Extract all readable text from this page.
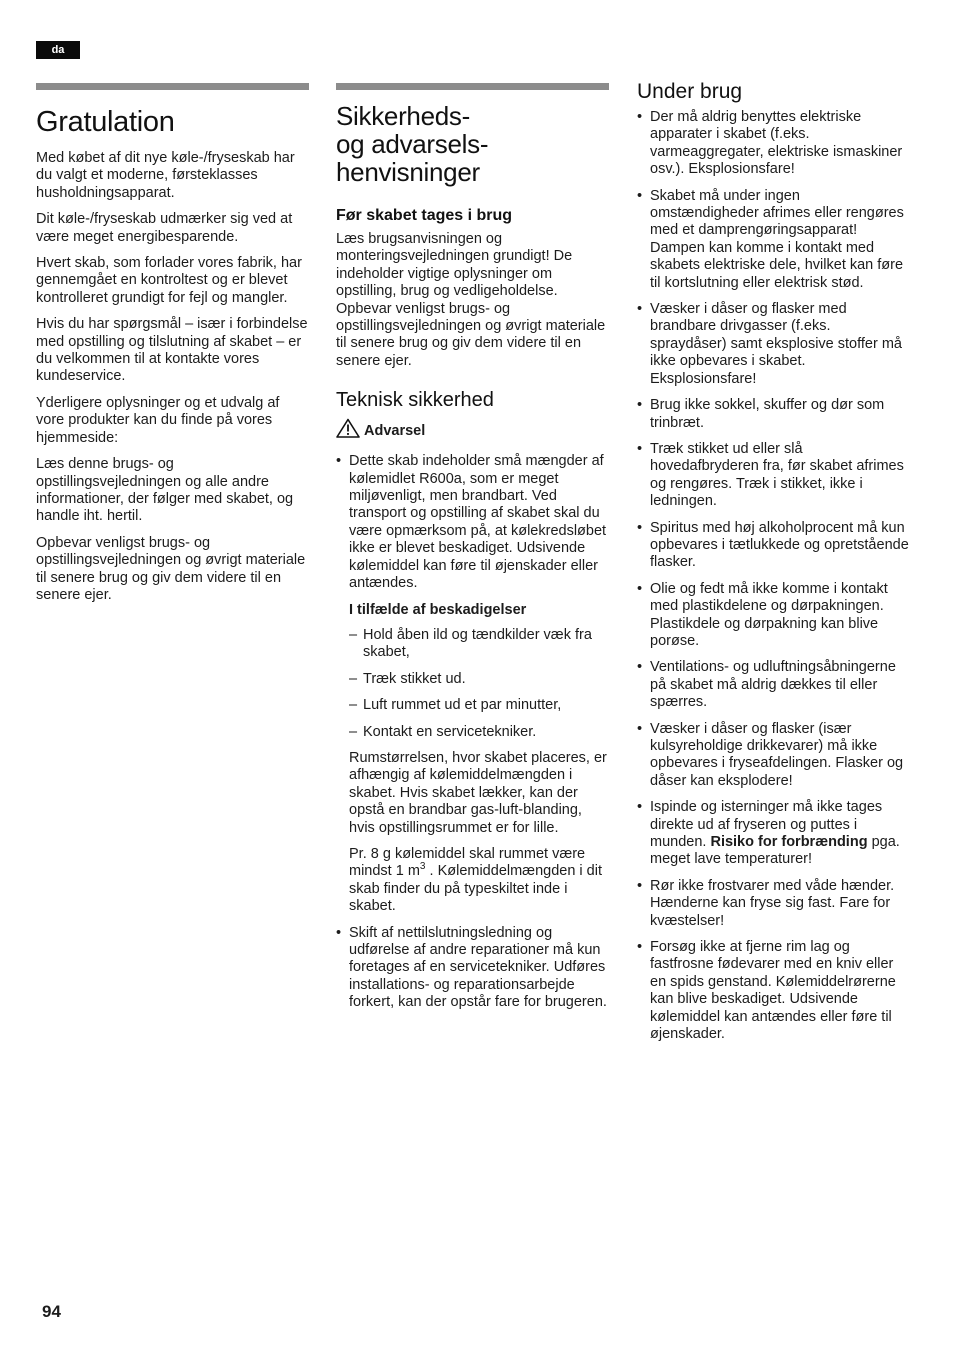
da
Gratulation

Med købet af dit nye køle-/fryseskab har du valgt et moderne, førsteklasses husholdningsapparat.

Dit køle-/fryseskab udmærker sig ved at være meget energibesparende.

Hvert skab, som forlader vores fabrik, har gennemgået en kontroltest og er blevet kontrolleret grundigt for fejl og mangler.

Hvis du har spørgsmål – især i forbindelse med opstilling og tilslutning af skabet – er du velkommen til at kontakte vores kundeservice.

Yderligere oplysninger og et udvalg af vore produkter kan du finde på vores hjemmeside:

Læs denne brugs- og opstillingsvejledningen og alle andre informationer, der følger med skabet, og handle iht. hertil.

Opbevar venligst brugs- og opstillingsvejledningen og øvrigt materiale til senere brug og giv dem videre til en senere ejer.

Sikkerheds-
og advarsels-
henvisninger
Før skabet tages i brug

Læs brugsanvisningen og monteringsvejledningen grundigt! De indeholder vigtige oplysninger om opstilling, brug og vedligeholdelse. Opbevar venligst brugs- og opstillingsvejledningen og øvrigt materiale til senere brug og giv dem videre til en senere ejer.

Teknisk sikkerhed
Advarsel
• Dette skab indeholder små mængder af kølemidlet R600a, som er meget miljøvenligt, men brandbart. Ved transport og opstilling af skabet skal du være opmærksom på, at kølekredsløbet ikke er blevet beskadiget. Udsivende kølemiddel kan føre til øjenskader eller antændes.
I tilfælde af beskadigelser
– Hold åben ild og tændkilder væk fra skabet,
– Træk stikket ud.
– Luft rummet ud et par minutter,
– Kontakt en servicetekniker.
Rumstørrelsen, hvor skabet placeres, er afhængig af kølemiddelmængden i skabet. Hvis skabet lækker, kan der opstå en brandbar gas-luft-blanding, hvis opstillingsrummet er for lille.
Pr. 8 g kølemiddel skal rummet være mindst 1 $m^3$ . Kølemiddelmængden i dit skab finder du på typeskiltet inde i skabet.
• Skift af nettilslutningsledning og udførelse af andre reparationer må kun foretages af en servicetekniker. Udføres installations- og reparationsarbejde forkert, kan der opstår fare for brugeren.
Under brug
• Der må aldrig benyttes elektriske apparater i skabet (f.eks. varmeaggregater, elektriske ismaskiner osv.). Eksplosionsfare!
• Skabet må under ingen omstændigheder afrimes eller rengøres med et damprengøringsapparat! Dampen kan komme i kontakt med skabets elektriske dele, hvilket kan føre til kortslutning eller elektrisk stød.
• Væsker i dåser og flasker med brandbare drivgasser (f.eks. spraydåser) samt eksplosive stoffer må ikke opbevares i skabet. Eksplosionsfare!
• Brug ikke sokkel, skuffer og dør som trinbræt.
• Træk stikket ud eller slå hovedafbryderen fra, før skabet afrimes og rengøres. Træk i stikket, ikke i ledningen.
• Spiritus med høj alkoholprocent må kun opbevares i tætlukkede og opretstående flasker.
• Olie og fedt må ikke komme i kontakt med plastikdelene og dørpakningen. Plastikdele og dørpakning kan blive porøse.
• Ventilations- og udluftningsåbningerne på skabet må aldrig dækkes til eller spærres.
• Væsker i dåser og flasker (især kulsyreholdige drikkevarer) må ikke opbevares i fryseafdelingen. Flasker og dåser kan eksplodere!
• Ispinde og isterninger må ikke tages direkte ud af fryseren og puttes i munden. Risiko for forbrænding pga. meget lave temperaturer!
• Rør ikke frostvarer med våde hænder. Hænderne kan fryse sig fast. Fare for kvæstelser!
• Forsøg ikke at fjerne rim lag og fastfrosne fødevarer med en kniv eller en spids genstand. Kølemiddelrørerne kan blive beskadiget. Udsivende kølemiddel kan antændes eller føre til øjenskader.
94
